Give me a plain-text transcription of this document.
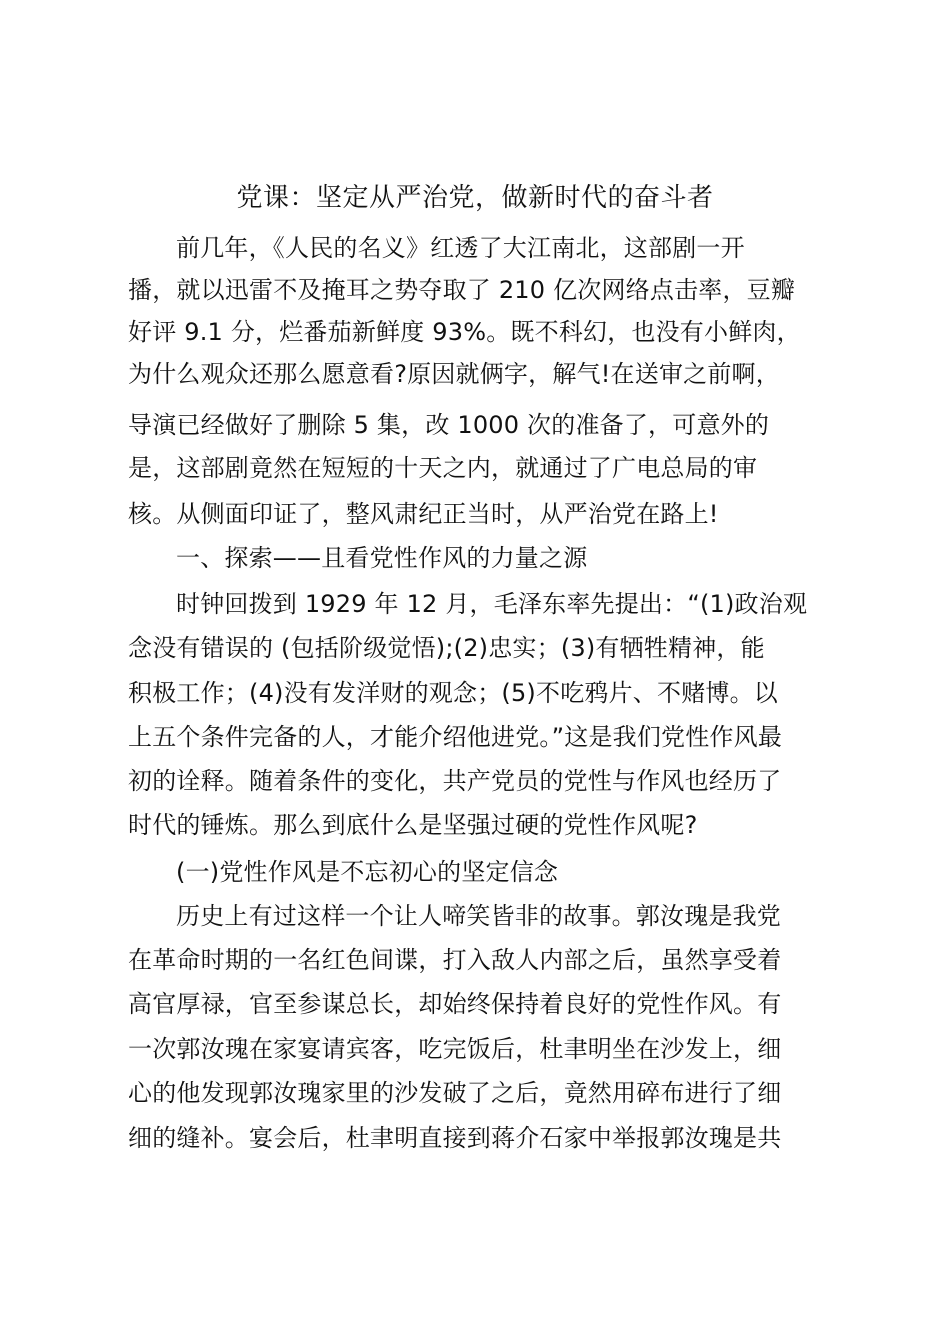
党课：坚定从严治党，做新时代的奋斗者
前几年，《人民的名义》红透了大江南北，这部剧一开
播，就以迅雷不及掩耳之势夺取了 210 亿次网络点击率，豆瓣
好评 9.1 分，烂番茄新鲜度 93%。既不科幻，也没有小鲜肉，
为什么观众还那么愿意看?原因就俩字，解气!在送审之前啊，
导演已经做好了删除 5 集，改 1000 次的准备了，可意外的
是，这部剧竟然在短短的十天之内，就通过了广电总局的审
核。从侧面印证了，整风肃纪正当时，从严治党在路上!
一、探索——且看党性作风的力量之源
时钟回拨到 1929 年 12 月，毛泽东率先提出：“(1)政治观
念没有错误的 (包括阶级觉悟);(2)忠实；(3)有牺牲精神，能
积极工作；(4)没有发洋财的观念；(5)不吃鸦片、不赌博。以
上五个条件完备的人，才能介绍他进党。”这是我们党性作风最
初的诠释。随着条件的变化，共产党员的党性与作风也经历了
时代的锤炼。那么到底什么是坚强过硬的党性作风呢?
(一)党性作风是不忘初心的坚定信念
历史上有过这样一个让人啼笑皆非的故事。郭汝瑰是我党
在革命时期的一名红色间谍，打入敌人内部之后，虽然享受着
高官厚禄，官至参谋总长，却始终保持着良好的党性作风。有
一次郭汝瑰在家宴请宾客，吃完饭后，杜聿明坐在沙发上，细
心的他发现郭汝瑰家里的沙发破了之后，竟然用碎布进行了细
细的缝补。宴会后，杜聿明直接到蒋介石家中举报郭汝瑰是共
